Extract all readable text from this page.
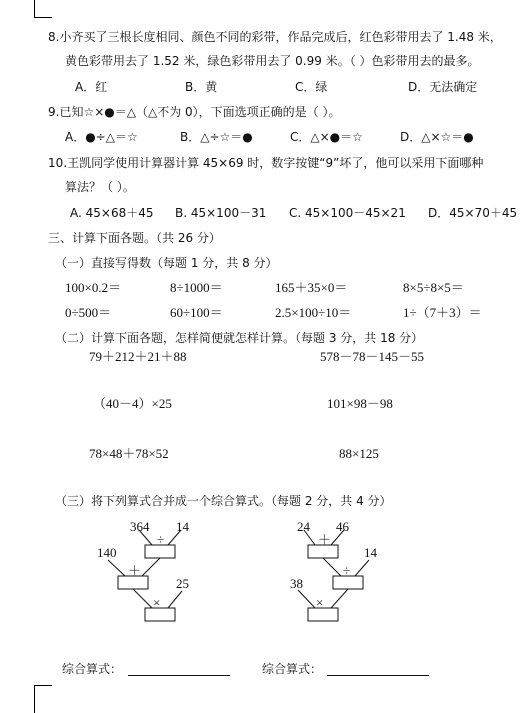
8.小齐买了三根长度相同、颜色不同的彩带，作品完成后，红色彩带用去了 1.48 米，
黄色彩带用去了 1.52 米，绿色彩带用去了 0.99 米。（ ）色彩带用去的最多。
A．红	B．黄	C．绿	D．无法确定
9.已知☆×●＝△（△不为 0），下面选项正确的是（ ）。
A．●÷△＝☆	B．△÷☆＝●	C．△×●＝☆	D．△×☆＝●
10.王凯同学使用计算器计算 45×69 时，数字按键“9”坏了，他可以采用下面哪种
算法？（ ）。
A. 45×68＋45 B. 45×100－31 C. 45×100－45×21 D．45×70＋45
三、计算下面各题。（共 26 分）
（一）直接写得数（每题 1 分，共 8 分）
100×0.2＝	8÷1000＝	165＋35×0＝	8×5÷8×5＝
0÷500＝	60÷100＝	2.5×100÷10＝	1÷（7＋3）＝
（二）计算下面各题，怎样简便就怎样计算。（每题 3 分，共 18 分）
79＋212＋21＋88	578－78－145－55
（40－4）×25	101×98－98
78×48＋78×52	88×125
（三）将下列算式合并成一个综合算式。（每题 2 分，共 4 分）
364
÷
14
140
＋
25
×
24
＋
46
14
÷
38
×
综合算式：	综合算式：
